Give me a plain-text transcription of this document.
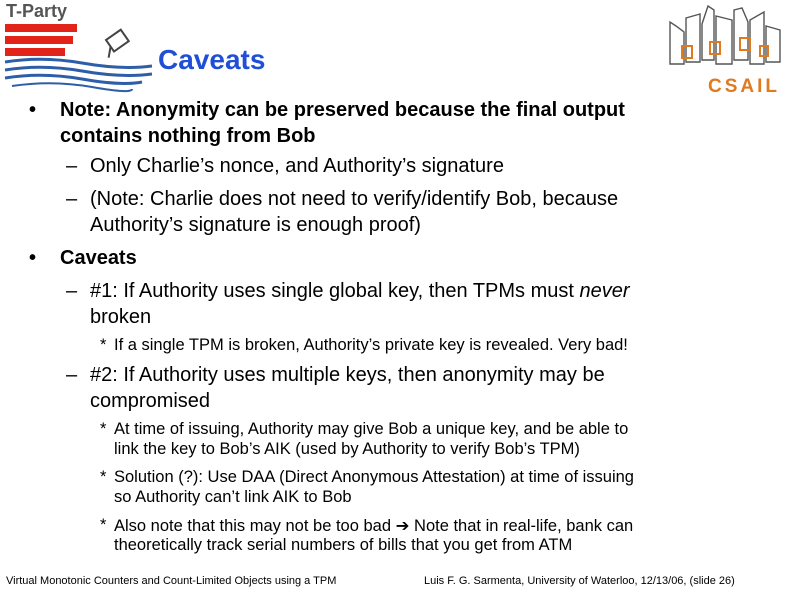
T-Party
CSAIL
Caveats
• Note: Anonymity can be preserved because the final output
contains nothing from Bob
– Only Charlie’s nonce, and Authority’s signature
– (Note: Charlie does not need to verify/identify Bob, because
Authority’s signature is enough proof)
• Caveats
– #1: If Authority uses single global key, then TPMs must never
broken
* If a single TPM is broken, Authority’s private key is revealed. Very bad!
– #2: If Authority uses multiple keys, then anonymity may be
compromised
* At time of issuing, Authority may give Bob a unique key, and be able to
link the key to Bob’s AIK (used by Authority to verify Bob’s TPM)
* Solution (?): Use DAA (Direct Anonymous Attestation) at time of issuing
so Authority can’t link AIK to Bob
* Also note that this may not be too bad ➔ Note that in real-life, bank can
theoretically track serial numbers of bills that you get from ATM
Virtual Monotonic Counters and Count-Limited Objects using a TPM	Luis F. G. Sarmenta, University of Waterloo, 12/13/06, (slide 26)
